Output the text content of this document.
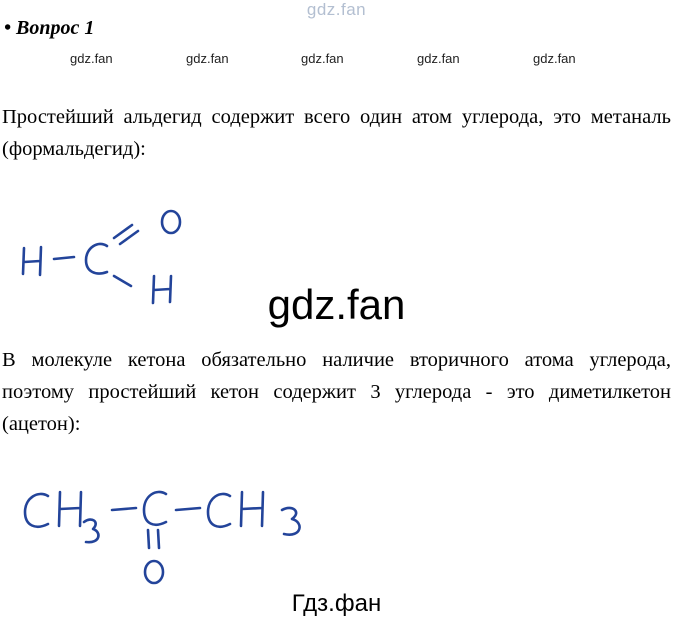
gdz.fan
• Вопрос 1
gdz.fan	gdz.fan	gdz.fan	gdz.fan	gdz.fan

Простейший альдегид содержит всего один атом углерода, это метаналь (формальдегид):

gdz.fan

В молекуле кетона обязательно наличие вторичного атома углерода, поэтому простейший кетон содержит 3 углерода - это диметилкетон (ацетон):

Гдз.фан
